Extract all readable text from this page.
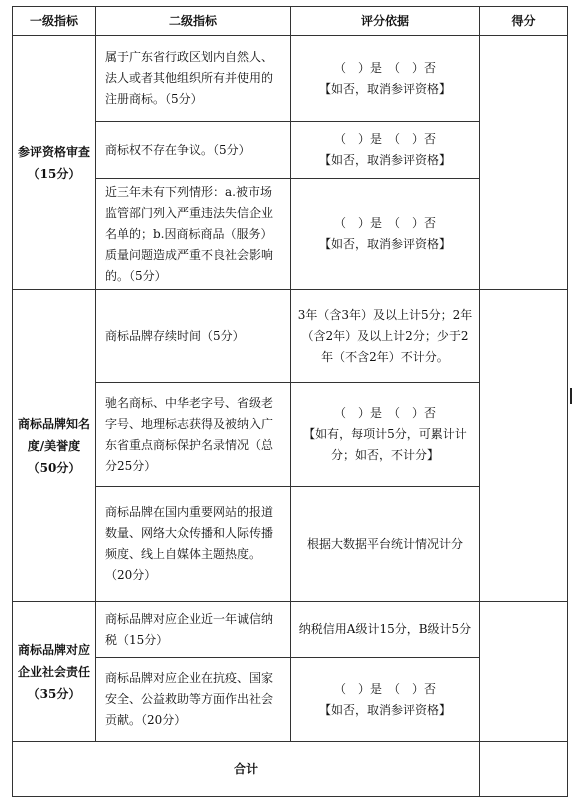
一级指标	二级指标	评分依据	得分
参评资格审查（15分）	属于广东省行政区划内自然人、法人或者其他组织所有并使用的注册商标。（5分）	（　）是　（　）否
【如否，取消参评资格】	

	商标权不存在争议。（5分）	（　）是　（　）否
【如否，取消参评资格】	

	近三年未有下列情形：a.被市场监管部门列入严重违法失信企业名单的；b.因商标商品（服务）质量问题造成严重不良社会影响的。（5分）	（　）是　（　）否
【如否，取消参评资格】	

商标品牌知名度/美誉度（50分）	商标品牌存续时间（5分）	3年（含3年）及以上计5分；2年（含2年）及以上计2分；少于2年（不含2年）不计分。	
	驰名商标、中华老字号、省级老字号、地理标志获得及被纳入广东省重点商标保护名录情况（总分25分）	（　）是　（　）否
【如有，每项计5分，可累计计分；如否，不计分】	

	商标品牌在国内重要网站的报道数量、网络大众传播和人际传播频度、线上自媒体主题热度。（20分）	根据大数据平台统计情况计分	
商标品牌对应企业社会责任（35分）	商标品牌对应企业近一年诚信纳税（15分）	纳税信用A级计15分，B级计5分	
	商标品牌对应企业在抗疫、国家安全、公益救助等方面作出社会贡献。（20分）	（　）是　（　）否
【如否，取消参评资格】	

合计			
